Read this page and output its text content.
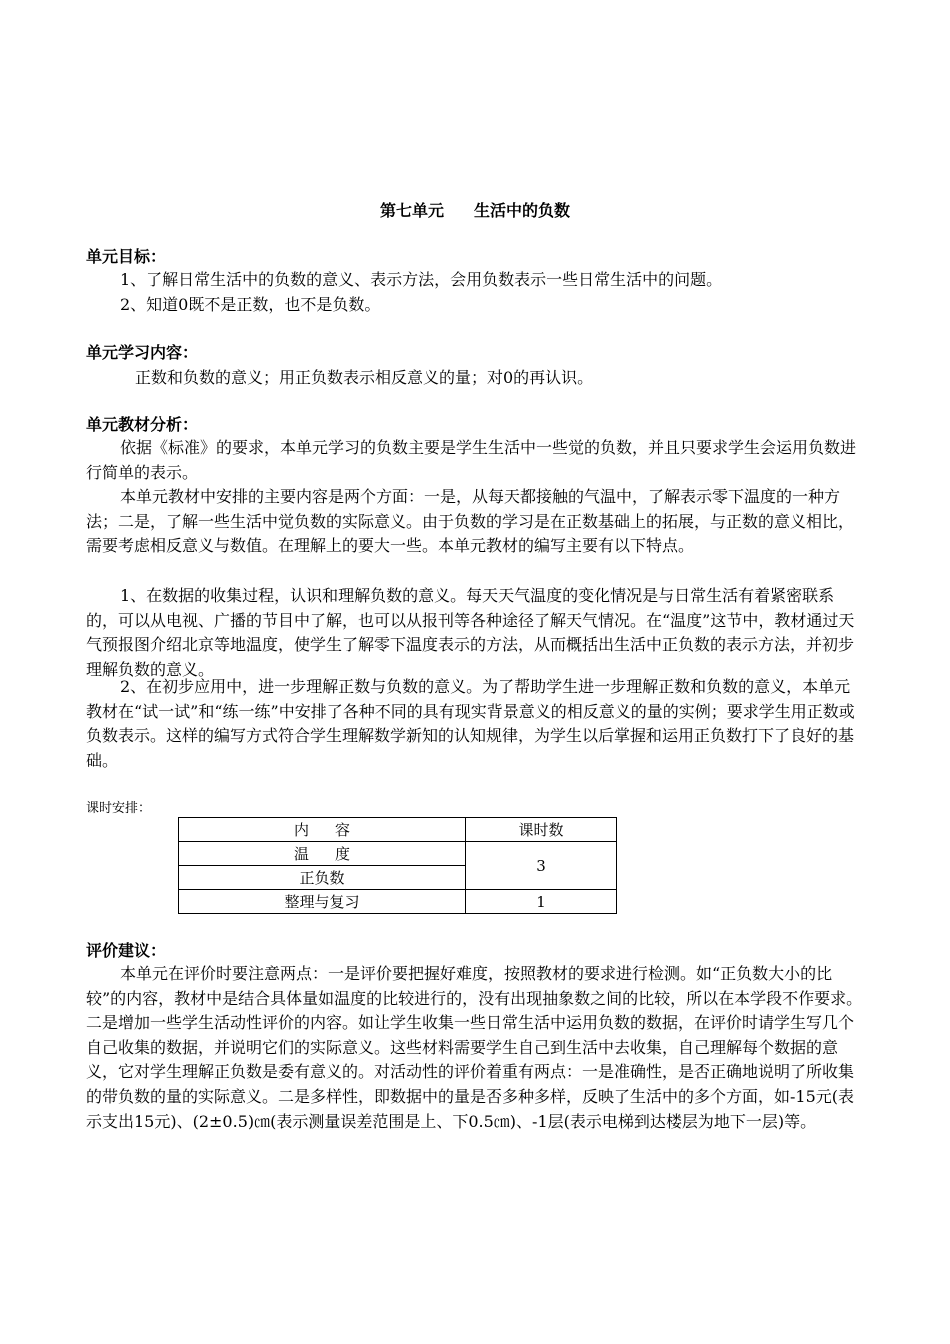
第七单元 生活中的负数
单元目标：
1、了解日常生活中的负数的意义、表示方法，会用负数表示一些日常生活中的问题。
2、知道0既不是正数，也不是负数。
单元学习内容：
正数和负数的意义；用正负数表示相反意义的量；对0的再认识。
单元教材分析：

依据《标准》的要求，本单元学习的负数主要是学生生活中一些觉的负数，并且只要求学生会运用负数进行简单的表示。

本单元教材中安排的主要内容是两个方面：一是，从每天都接触的气温中，了解表示零下温度的一种方法；二是，了解一些生活中觉负数的实际意义。由于负数的学习是在正数基础上的拓展，与正数的意义相比，需要考虑相反意义与数值。在理解上的要大一些。本单元教材的编写主要有以下特点。

1、在数据的收集过程，认识和理解负数的意义。每天天气温度的变化情况是与日常生活有着紧密联系的，可以从电视、广播的节目中了解，也可以从报刊等各种途径了解天气情况。在“温度”这节中，教材通过天气预报图介绍北京等地温度，使学生了解零下温度表示的方法，从而概括出生活中正负数的表示方法，并初步理解负数的意义。

2、在初步应用中，进一步理解正数与负数的意义。为了帮助学生进一步理解正数和负数的意义，本单元教材在“试一试”和“练一练”中安排了各种不同的具有现实背景意义的相反意义的量的实例；要求学生用正数或负数表示。这样的编写方式符合学生理解数学新知的认知规律，为学生以后掌握和运用正负数打下了良好的基础。

课时安排：
内容	课时数
温度	3
正负数	
整理与复习	1
评价建议：

本单元在评价时要注意两点：一是评价要把握好难度，按照教材的要求进行检测。如“正负数大小的比较”的内容，教材中是结合具体量如温度的比较进行的，没有出现抽象数之间的比较，所以在本学段不作要求。二是增加一些学生活动性评价的内容。如让学生收集一些日常生活中运用负数的数据，在评价时请学生写几个自己收集的数据，并说明它们的实际意义。这些材料需要学生自己到生活中去收集，自己理解每个数据的意义，它对学生理解正负数是委有意义的。对活动性的评价着重有两点：一是准确性，是否正确地说明了所收集的带负数的量的实际意义。二是多样性，即数据中的量是否多种多样，反映了生活中的多个方面，如-15元(表示支出15元)、(2±0.5)㎝(表示测量误差范围是上、下0.5㎝)、-1层(表示电梯到达楼层为地下一层)等。
